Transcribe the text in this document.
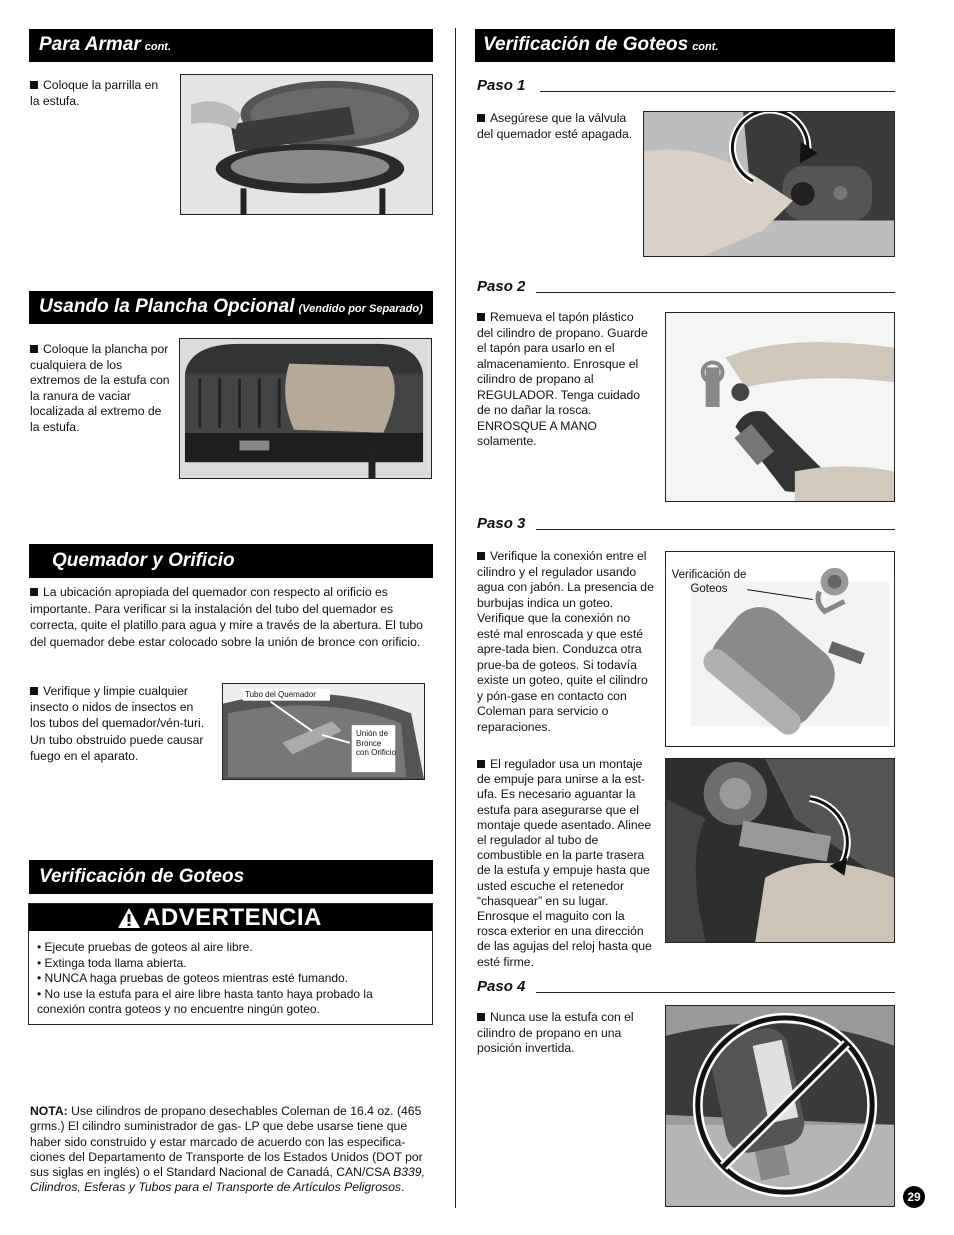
Para Armar cont.
Coloque la parrilla en la estufa.
Usando la Plancha Opcional (Vendido por Separado)
Coloque la plancha por cualquiera de los extremos de la estufa con la ranura de vaciar localizada al extremo de la estufa.
Quemador y Orificio
La ubicación apropiada del quemador con respecto al orificio es importante. Para verificar si la instalación del tubo del quemador es correcta, quite el platillo para agua y mire a través de la abertura. El tubo del quemador debe estar colocado sobre la unión de bronce con orificio.
Verifique y limpie cualquier insecto o nidos de insectos en los tubos del quemador/vén-turi. Un tubo obstruido puede causar fuego en el aparato.
Tubo del Quemador
Unión de Bronce con Orificio
Verificación de Goteos
ADVERTENCIA
• Ejecute pruebas de goteos al aire libre.
• Extinga toda llama abierta.
• NUNCA haga pruebas de goteos mientras esté fumando.
• No use la estufa para el aire libre hasta tanto haya probado la conexión contra goteos y no encuentre ningún goteo.
NOTA: Use cilindros de propano desechables Coleman de 16.4 oz. (465 grms.) El cilindro suministrador de gas- LP que debe usarse tiene que haber sido construido y estar marcado de acuerdo con las especifica-ciones del Departamento de Transporte de los Estados Unidos (DOT por sus siglas en inglés) o el Standard Nacional de Canadá, CAN/CSA B339, Cilindros, Esferas y Tubos para el Transporte de Artículos Peligrosos.
Verificación de Goteos cont.
Paso 1
Asegúrese que la válvula del quemador esté apagada.
Paso 2
Remueva el tapón plástico del cilindro de propano. Guarde el tapón para usarlo en el almacenamiento. Enrosque el cilindro de propano al REGULADOR. Tenga cuidado de no dañar la rosca. ENROSQUE A MANO solamente.
Paso 3
Verifique la conexión entre el cilindro y el regulador usando agua con jabón. La presencia de burbujas indica un goteo. Verifique que la conexión no esté mal enroscada y que esté apre-tada bien. Conduzca otra prue-ba de goteos. Si todavía existe un goteo, quite el cilindro y pón-gase en contacto con Coleman para servicio o reparaciones.
Verificación de Goteos
El regulador usa un montaje de empuje para unirse a la est-ufa. Es necesario aguantar la estufa para asegurarse que el montaje quede asentado. Alinee el regulador al tubo de combustible en la parte trasera de la estufa y empuje hasta que usted escuche el retenedor “chasquear” en su lugar. Enrosque el maguito con la rosca exterior en una dirección de las agujas del reloj hasta que esté firme.
Paso 4
Nunca use la estufa con el cilindro de propano en una posición invertida.
29
